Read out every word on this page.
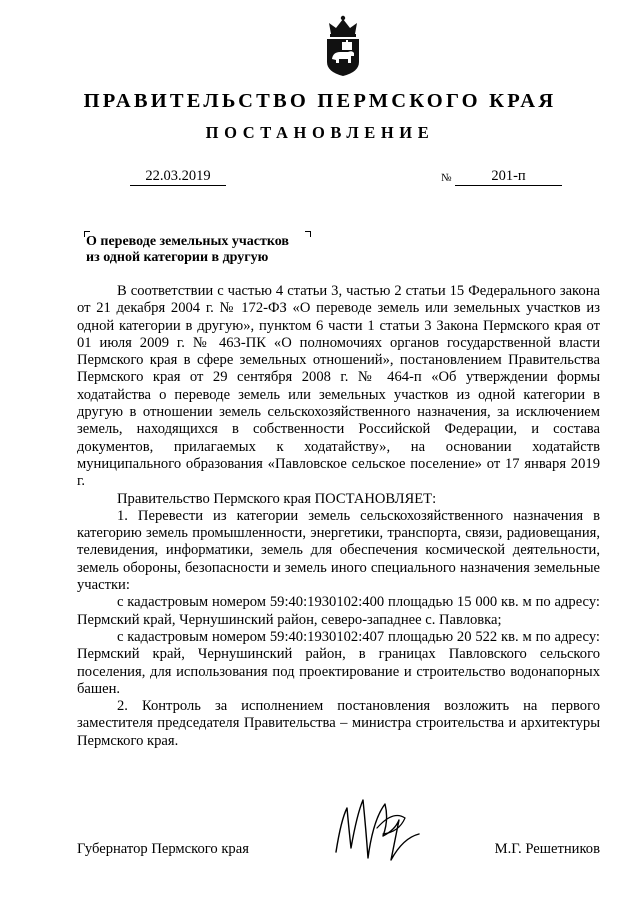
ПРАВИТЕЛЬСТВО ПЕРМСКОГО КРАЯ
ПОСТАНОВЛЕНИЕ
22.03.2019	№	201-п
О переводе земельных участков
из одной категории в другую

В соответствии с частью 4 статьи 3, частью 2 статьи 15 Федерального закона от 21 декабря 2004 г. № 172-ФЗ «О переводе земель или земельных участков из одной категории в другую», пунктом 6 части 1 статьи 3 Закона Пермского края от 01 июля 2009 г. № 463-ПК «О полномочиях органов государственной власти Пермского края в сфере земельных отношений», постановлением Правительства Пермского края от 29 сентября 2008 г. № 464-п «Об утверждении формы ходатайства о переводе земель или земельных участков из одной категории в другую в отношении земель сельскохозяйственного назначения, за исключением земель, находящихся в собственности Российской Федерации, и состава документов, прилагаемых к ходатайству», на основании ходатайств муниципального образования «Павловское сельское поселение» от 17 января 2019 г.

Правительство Пермского края ПОСТАНОВЛЯЕТ:

1. Перевести из категории земель сельскохозяйственного назначения в категорию земель промышленности, энергетики, транспорта, связи, радиовещания, телевидения, информатики, земель для обеспечения космической деятельности, земель обороны, безопасности и земель иного специального назначения земельные участки:

с кадастровым номером 59:40:1930102:400 площадью 15 000 кв. м по адресу: Пермский край, Чернушинский район, северо-западнее с. Павловка;

с кадастровым номером 59:40:1930102:407 площадью 20 522 кв. м по адресу: Пермский край, Чернушинский район, в границах Павловского сельского поселения, для использования под проектирование и строительство водонапорных башен.

2. Контроль за исполнением постановления возложить на первого заместителя председателя Правительства – министра строительства и архитектуры Пермского края.

Губернатор Пермского края	М.Г. Решетников
